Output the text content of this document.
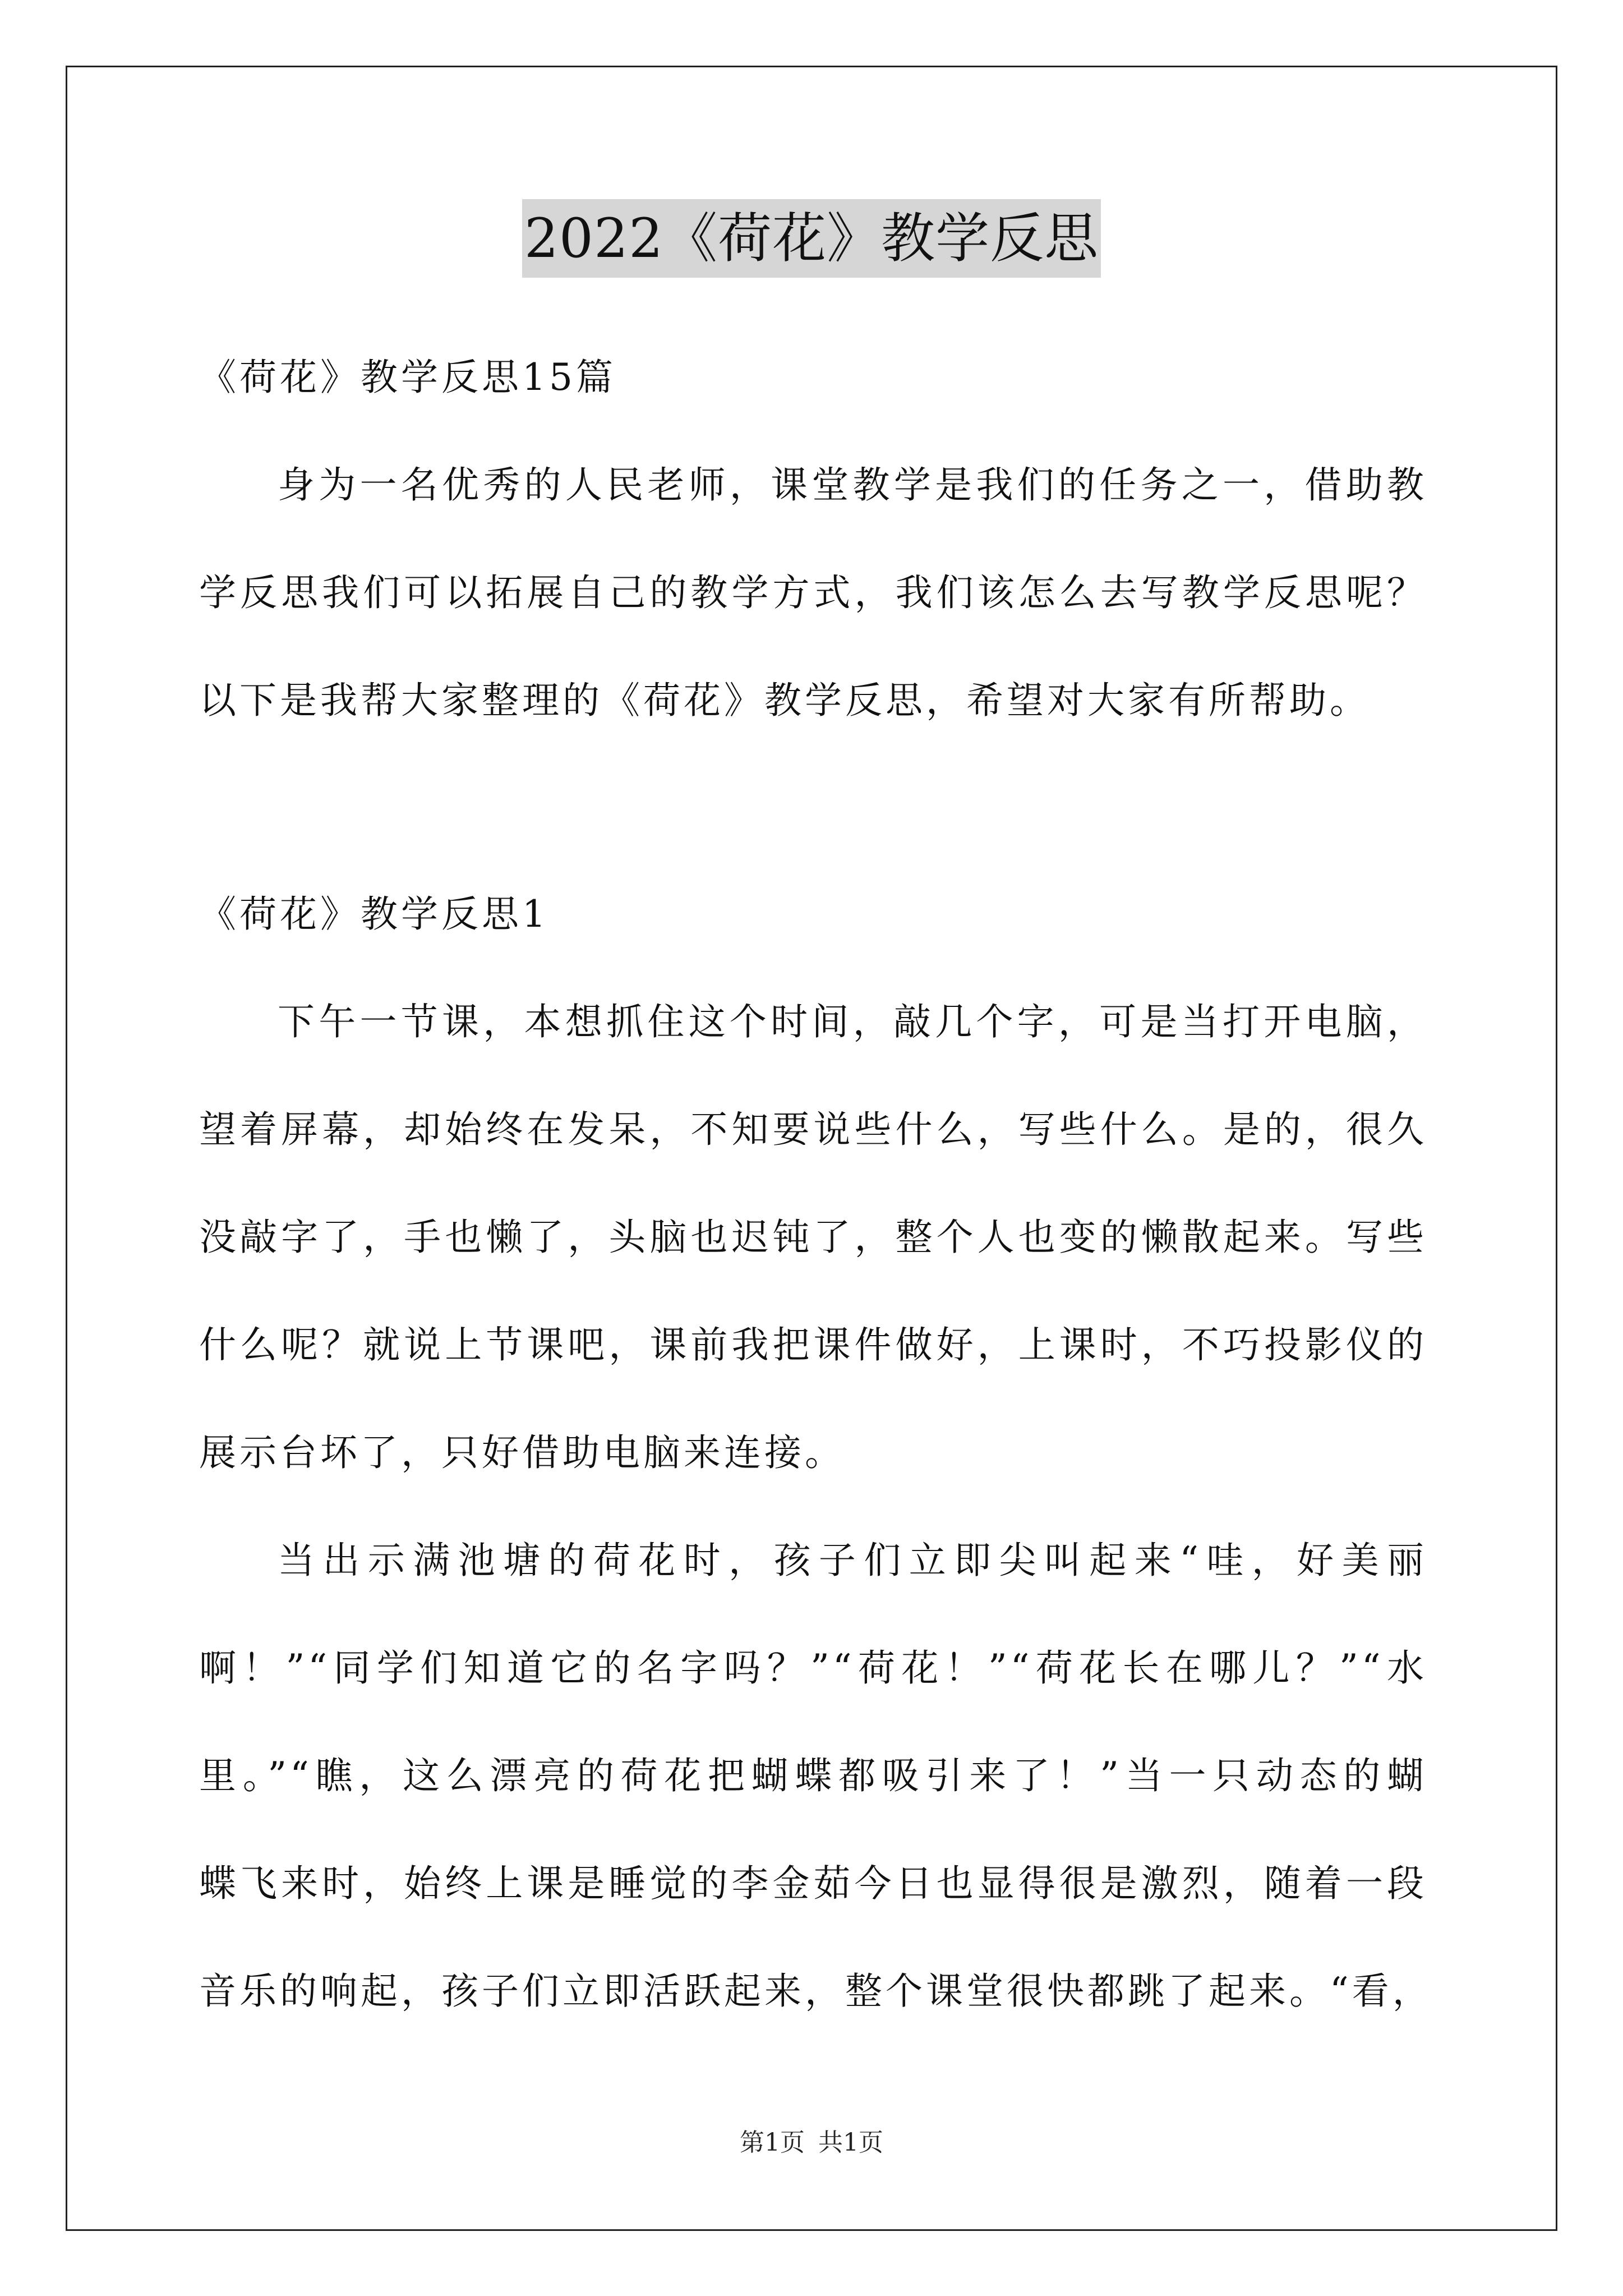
2022《荷花》教学反思
《荷花》教学反思15篇
身为一名优秀的人民老师，课堂教学是我们的任务之一，借助教
学反思我们可以拓展自己的教学方式，我们该怎么去写教学反思呢？
以下是我帮大家整理的《荷花》教学反思，希望对大家有所帮助。
《荷花》教学反思1
下午一节课，本想抓住这个时间，敲几个字，可是当打开电脑，
望着屏幕，却始终在发呆，不知要说些什么，写些什么。是的，很久
没敲字了，手也懒了，头脑也迟钝了，整个人也变的懒散起来。写些
什么呢？就说上节课吧，课前我把课件做好，上课时，不巧投影仪的
展示台坏了，只好借助电脑来连接。
当出示满池塘的荷花时，孩子们立即尖叫起来“哇，好美丽
啊！”“同学们知道它的名字吗？”“荷花！”“荷花长在哪儿？”“水
里。”“瞧，这么漂亮的荷花把蝴蝶都吸引来了！”当一只动态的蝴
蝶飞来时，始终上课是睡觉的李金茹今日也显得很是激烈，随着一段
音乐的响起，孩子们立即活跃起来，整个课堂很快都跳了起来。“看，
第1页 共1页
